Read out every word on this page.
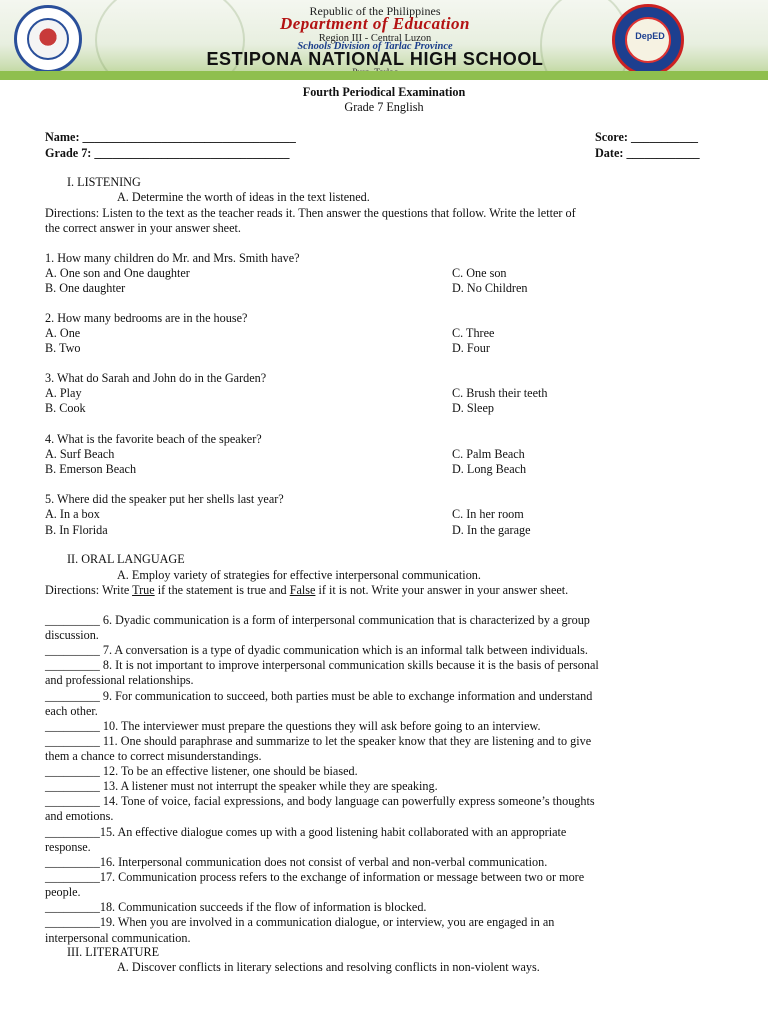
DepED
Republic of the Philippines
Department of Education
Region III - Central Luzon
Schools Division of Tarlac Province
ESTIPONA NATIONAL HIGH SCHOOL
Fourth Periodical Examination
Grade 7 English
Name: ___________________________________
Grade 7: ________________________________
Score: ___________
Date: ____________
I. LISTENING
A. Determine the worth of ideas in the text listened.
Directions: Listen to the text as the teacher reads it. Then answer the questions that follow. Write the letter of
the correct answer in your answer sheet.
1. How many children do Mr. and Mrs. Smith have?
A. One son and One daughter
B. One daughter
C. One son
D. No Children
2. How many bedrooms are in the house?
A. One
B. Two
C. Three
D. Four
3. What do Sarah and John do in the Garden?
A. Play
B. Cook
C. Brush their teeth
D. Sleep
4. What is the favorite beach of the speaker?
A. Surf Beach
B. Emerson Beach
C. Palm Beach
D. Long Beach
5. Where did the speaker put her shells last year?
A. In a box
B. In Florida
C. In her room
D. In the garage
II. ORAL LANGUAGE
A. Employ variety of strategies for effective interpersonal communication.
Directions: Write True if the statement is true and False if it is not. Write your answer in your answer sheet.
_________ 6. Dyadic communication is a form of interpersonal communication that is characterized by a group
discussion.
_________ 7. A conversation is a type of dyadic communication which is an informal talk between individuals.
_________ 8. It is not important to improve interpersonal communication skills because it is the basis of personal
and professional relationships.
_________ 9. For communication to succeed, both parties must be able to exchange information and understand
each other.
_________ 10. The interviewer must prepare the questions they will ask before going to an interview.
_________ 11. One should paraphrase and summarize to let the speaker know that they are listening and to give
them a chance to correct misunderstandings.
_________ 12. To be an effective listener, one should be biased.
_________ 13. A listener must not interrupt the speaker while they are speaking.
_________ 14. Tone of voice, facial expressions, and body language can powerfully express someone’s thoughts
and emotions.
_________15. An effective dialogue comes up with a good listening habit collaborated with an appropriate
response.
_________16. Interpersonal communication does not consist of verbal and non-verbal communication.
_________17. Communication process refers to the exchange of information or message between two or more
people.
_________18. Communication succeeds if the flow of information is blocked.
_________19. When you are involved in a communication dialogue, or interview, you are engaged in an
interpersonal communication.
III. LITERATURE
A. Discover conflicts in literary selections and resolving conflicts in non-violent ways.
